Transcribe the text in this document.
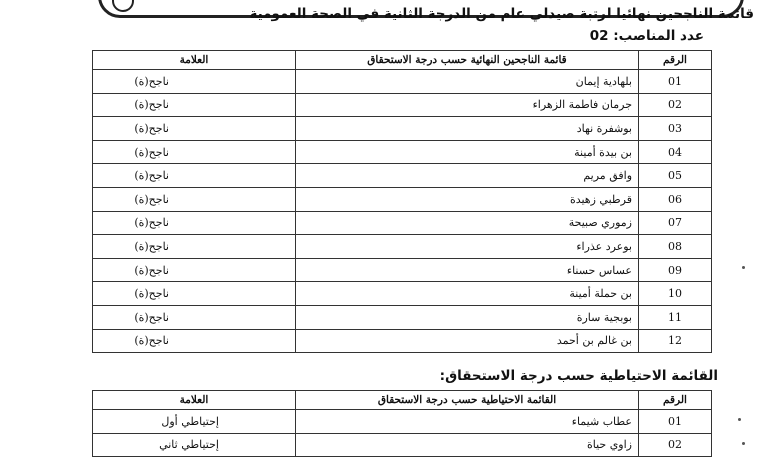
قائمة الناجحين نهائيا لرتبة صيدلي عام من الدرجة الثانية في الصحة العمومية
عدد المناصب: 02
الرقم	قائمة الناجحين النهائية حسب درجة الاستحقاق	العلامة
01	بلهادية إيمان	ناجح(ة)
02	جرمان فاطمة الزهراء	ناجح(ة)
03	بوشفرة نهاد	ناجح(ة)
04	بن بيدة أمينة	ناجح(ة)
05	وافق مريم	ناجح(ة)
06	قرطبي زهيدة	ناجح(ة)
07	زموري صبيحة	ناجح(ة)
08	بوعرد عذراء	ناجح(ة)
09	عساس حسناء	ناجح(ة)
10	بن حملة أمينة	ناجح(ة)
11	بوبجية سارة	ناجح(ة)
12	بن غالم بن أحمد	ناجح(ة)
القائمة الاحتياطية حسب درجة الاستحقاق:
الرقم	القائمة الاحتياطية حسب درجة الاستحقاق	العلامة
01	عطاب شيماء	إحتياطي أول
02	زاوي حياة	إحتياطي ثاني
